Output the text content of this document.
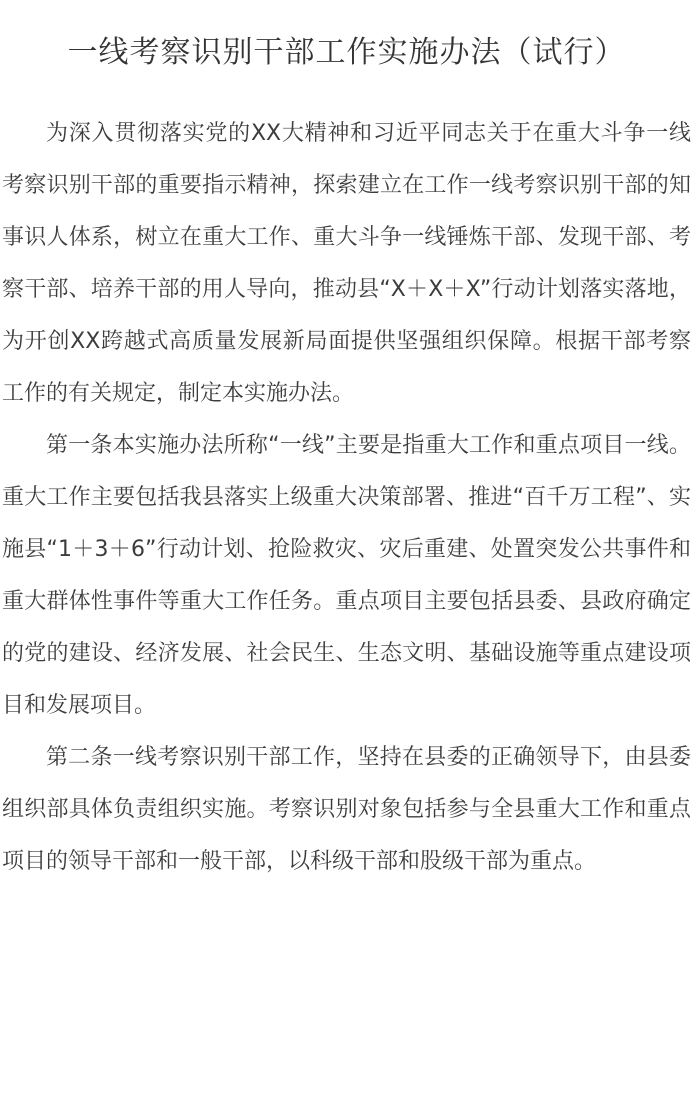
一线考察识别干部工作实施办法（试行）

为深入贯彻落实党的XX大精神和习近平同志关于在重大斗争一线考察识别干部的重要指示精神，探索建立在工作一线考察识别干部的知事识人体系，树立在重大工作、重大斗争一线锤炼干部、发现干部、考察干部、培养干部的用人导向，推动县“X＋X＋X”行动计划落实落地，为开创XX跨越式高质量发展新局面提供坚强组织保障。根据干部考察工作的有关规定，制定本实施办法。

第一条本实施办法所称“一线”主要是指重大工作和重点项目一线。重大工作主要包括我县落实上级重大决策部署、推进“百千万工程”、实施县“1＋3＋6”行动计划、抢险救灾、灾后重建、处置突发公共事件和重大群体性事件等重大工作任务。重点项目主要包括县委、县政府确定的党的建设、经济发展、社会民生、生态文明、基础设施等重点建设项目和发展项目。

第二条一线考察识别干部工作，坚持在县委的正确领导下，由县委组织部具体负责组织实施。考察识别对象包括参与全县重大工作和重点项目的领导干部和一般干部，以科级干部和股级干部为重点。
